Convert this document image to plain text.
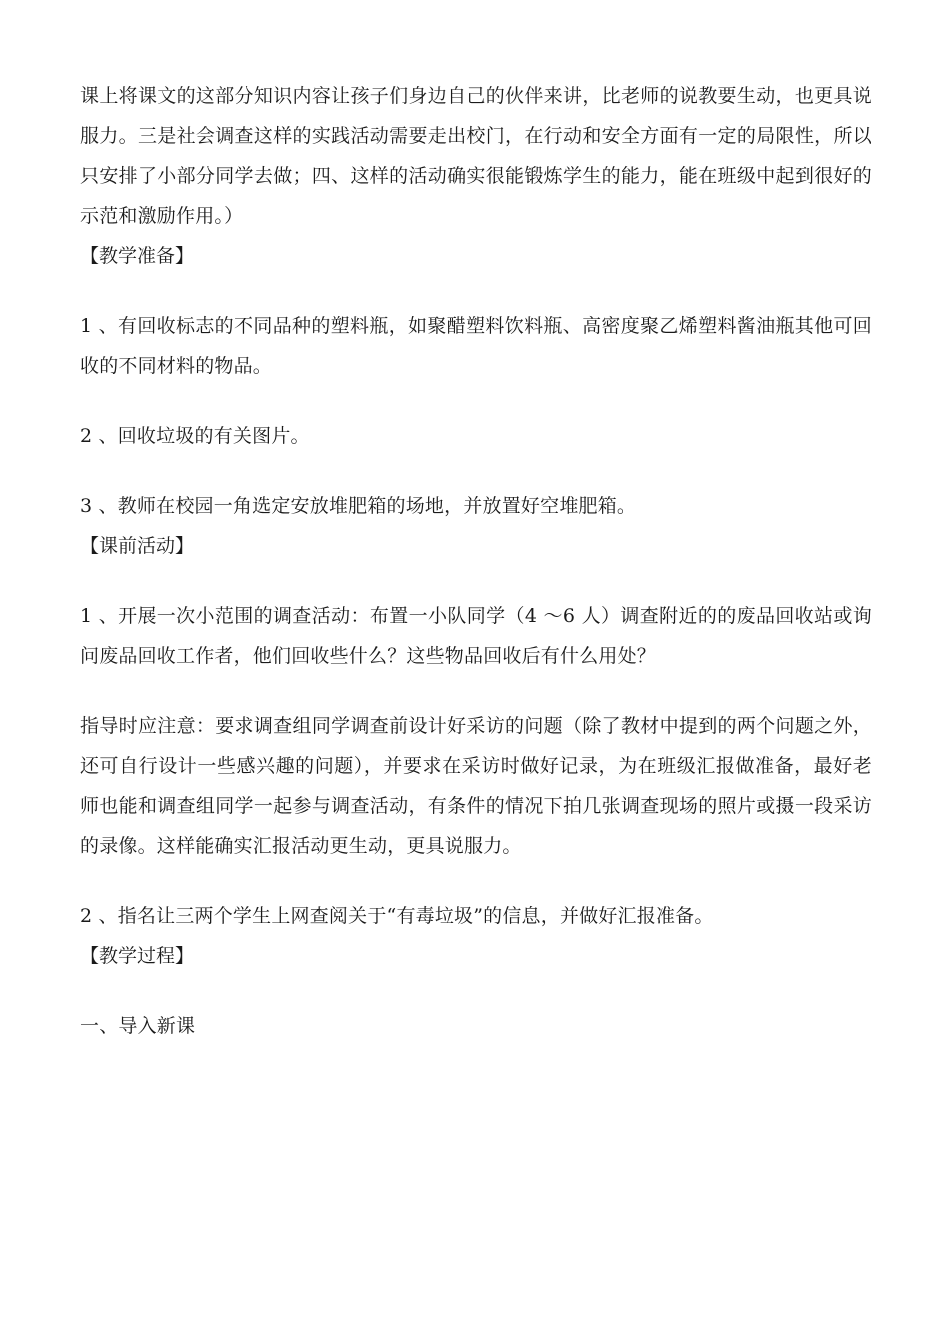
课上将课文的这部分知识内容让孩子们身边自己的伙伴来讲，比老师的说教要生动，也更具说服力。三是社会调查这样的实践活动需要走出校门，在行动和安全方面有一定的局限性，所以只安排了小部分同学去做；四、这样的活动确实很能锻炼学生的能力，能在班级中起到很好的示范和激励作用。）

【教学准备】

1 、有回收标志的不同品种的塑料瓶，如聚醋塑料饮料瓶、高密度聚乙烯塑料酱油瓶其他可回收的不同材料的物品。

2 、回收垃圾的有关图片。

3 、教师在校园一角选定安放堆肥箱的场地，并放置好空堆肥箱。

【课前活动】

1 、开展一次小范围的调查活动：布置一小队同学（4 ～6 人）调查附近的的废品回收站或询问废品回收工作者，他们回收些什么？这些物品回收后有什么用处？

指导时应注意：要求调查组同学调查前设计好采访的问题（除了教材中提到的两个问题之外，还可自行设计一些感兴趣的问题），并要求在采访时做好记录，为在班级汇报做准备，最好老师也能和调查组同学一起参与调查活动，有条件的情况下拍几张调查现场的照片或摄一段采访的录像。这样能确实汇报活动更生动，更具说服力。

2 、指名让三两个学生上网查阅关于“有毒垃圾”的信息，并做好汇报准备。

【教学过程】

一、导入新课
